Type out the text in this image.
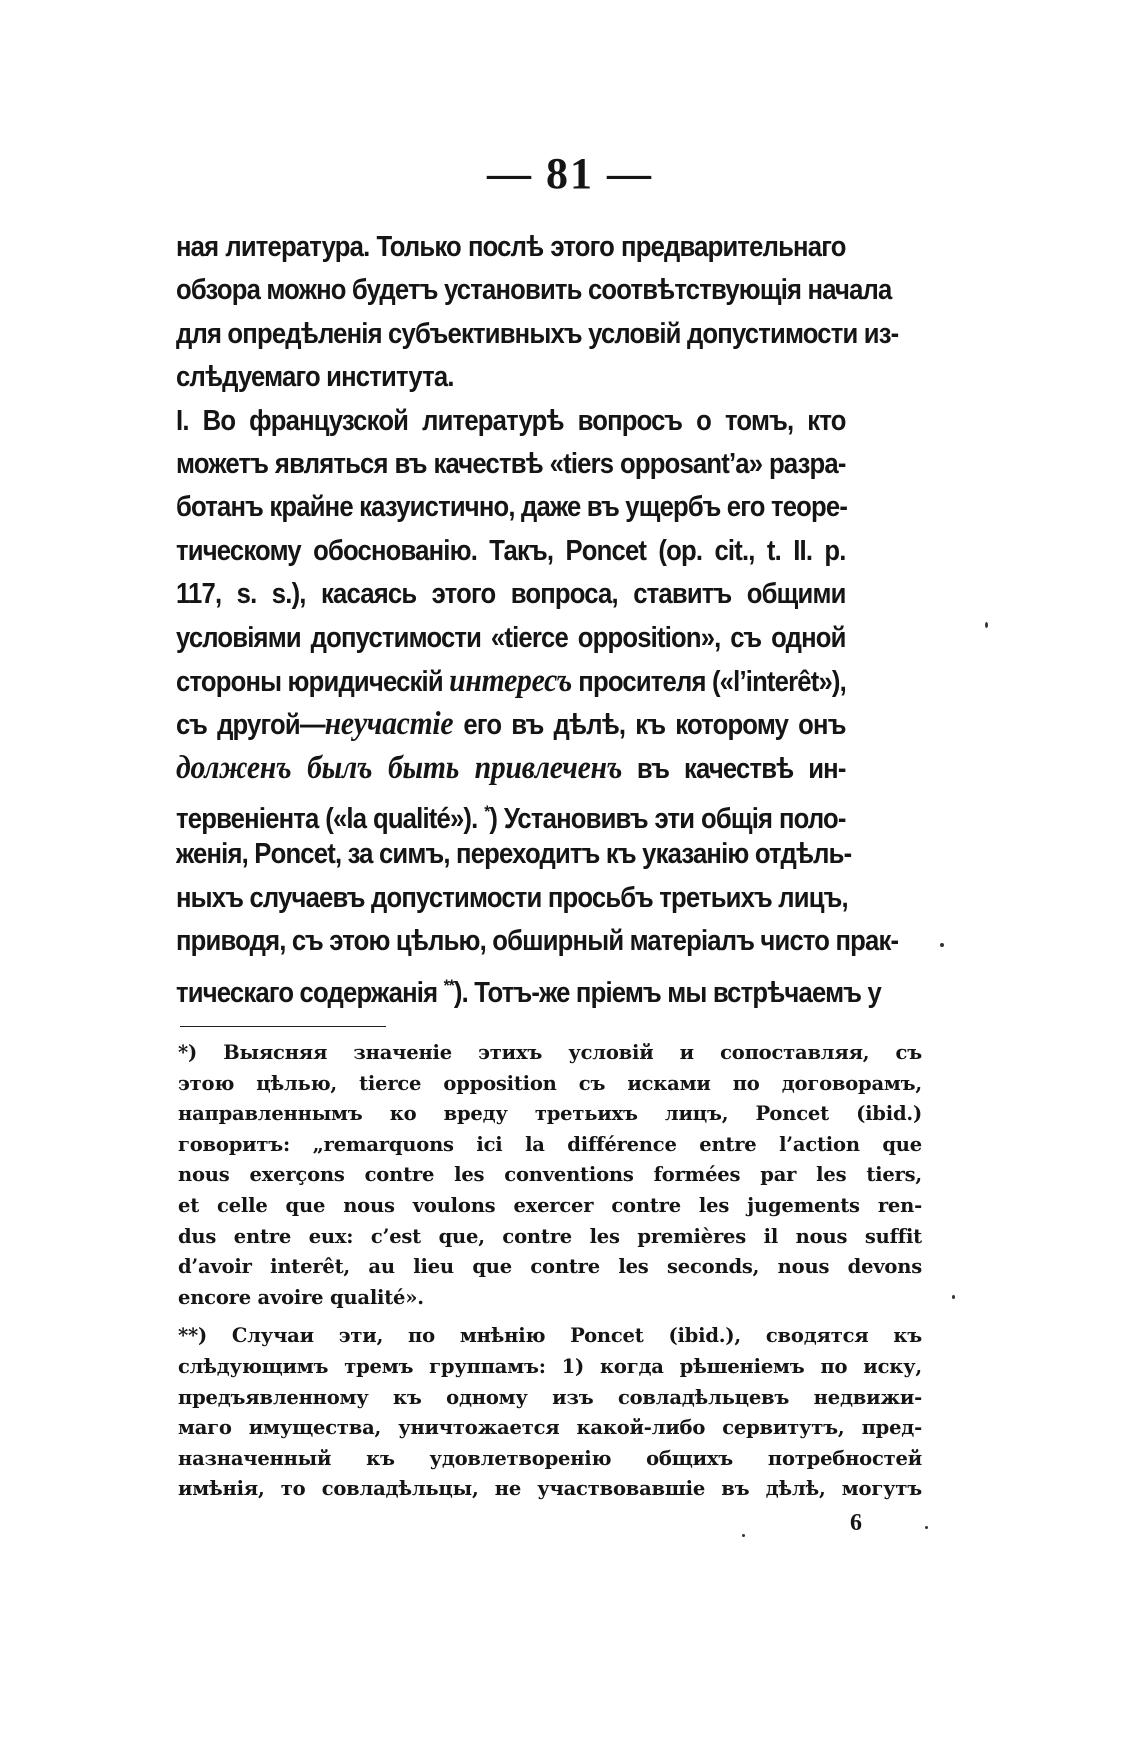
— 81 —
ная литература. Только послѣ этого предварительнаго
обзора можно будетъ установить соотвѣтствующія начала
для опредѣленія субъективныхъ условій допустимости из-
слѣдуемаго института.
I. Во французской литературѣ вопросъ о томъ, кто
можетъ являться въ качествѣ «tiers opposant’a» разра-
ботанъ крайне казуистично, даже въ ущербъ его теоре-
тическому обоснованію. Такъ, Poncet (op. cit., t. II. p.
117, s. s.), касаясь этого вопроса, ставитъ общими
условіями допустимости «tierce opposition», съ одной
стороны юридическій интересъ просителя («l’interêt»),
съ другой—неучастіе его въ дѣлѣ, къ которому онъ
долженъ былъ быть привлеченъ въ качествѣ ин-
тервеніента («la qualité»). *) Установивъ эти общія поло-
женія, Poncet, за симъ, переходитъ къ указанію отдѣль-
ныхъ случаевъ допустимости просьбъ третьихъ лицъ,
приводя, съ этою цѣлью, обширный матеріалъ чисто прак-
тическаго содержанія **). Тотъ-же пріемъ мы встрѣчаемъ у
*) Выясняя значеніе этихъ условій и сопоставляя, съ
этою цѣлью, tierce opposition съ исками по договорамъ,
направленнымъ ко вреду третьихъ лицъ, Poncet (ibid.)
говоритъ: „remarquons ici la différence entre l’action que
nous exerçons contre les conventions formées par les tiers,
et celle que nous voulons exercer contre les jugements ren-
dus entre eux: c’est que, contre les premières il nous suffit
d’avoir interêt, au lieu que contre les seconds, nous devons
encore avoire qualité».
**) Случаи эти, по мнѣнію Poncet (ibid.), сводятся къ
слѣдующимъ тремъ группамъ: 1) когда рѣшеніемъ по иску,
предъявленному къ одному изъ совладѣльцевъ недвижи-
маго имущества, уничтожается какой-либо сервитутъ, пред-
назначенный къ удовлетворенію общихъ потребностей
имѣнія, то совладѣльцы, не участвовавшіе въ дѣлѣ, могутъ
6
